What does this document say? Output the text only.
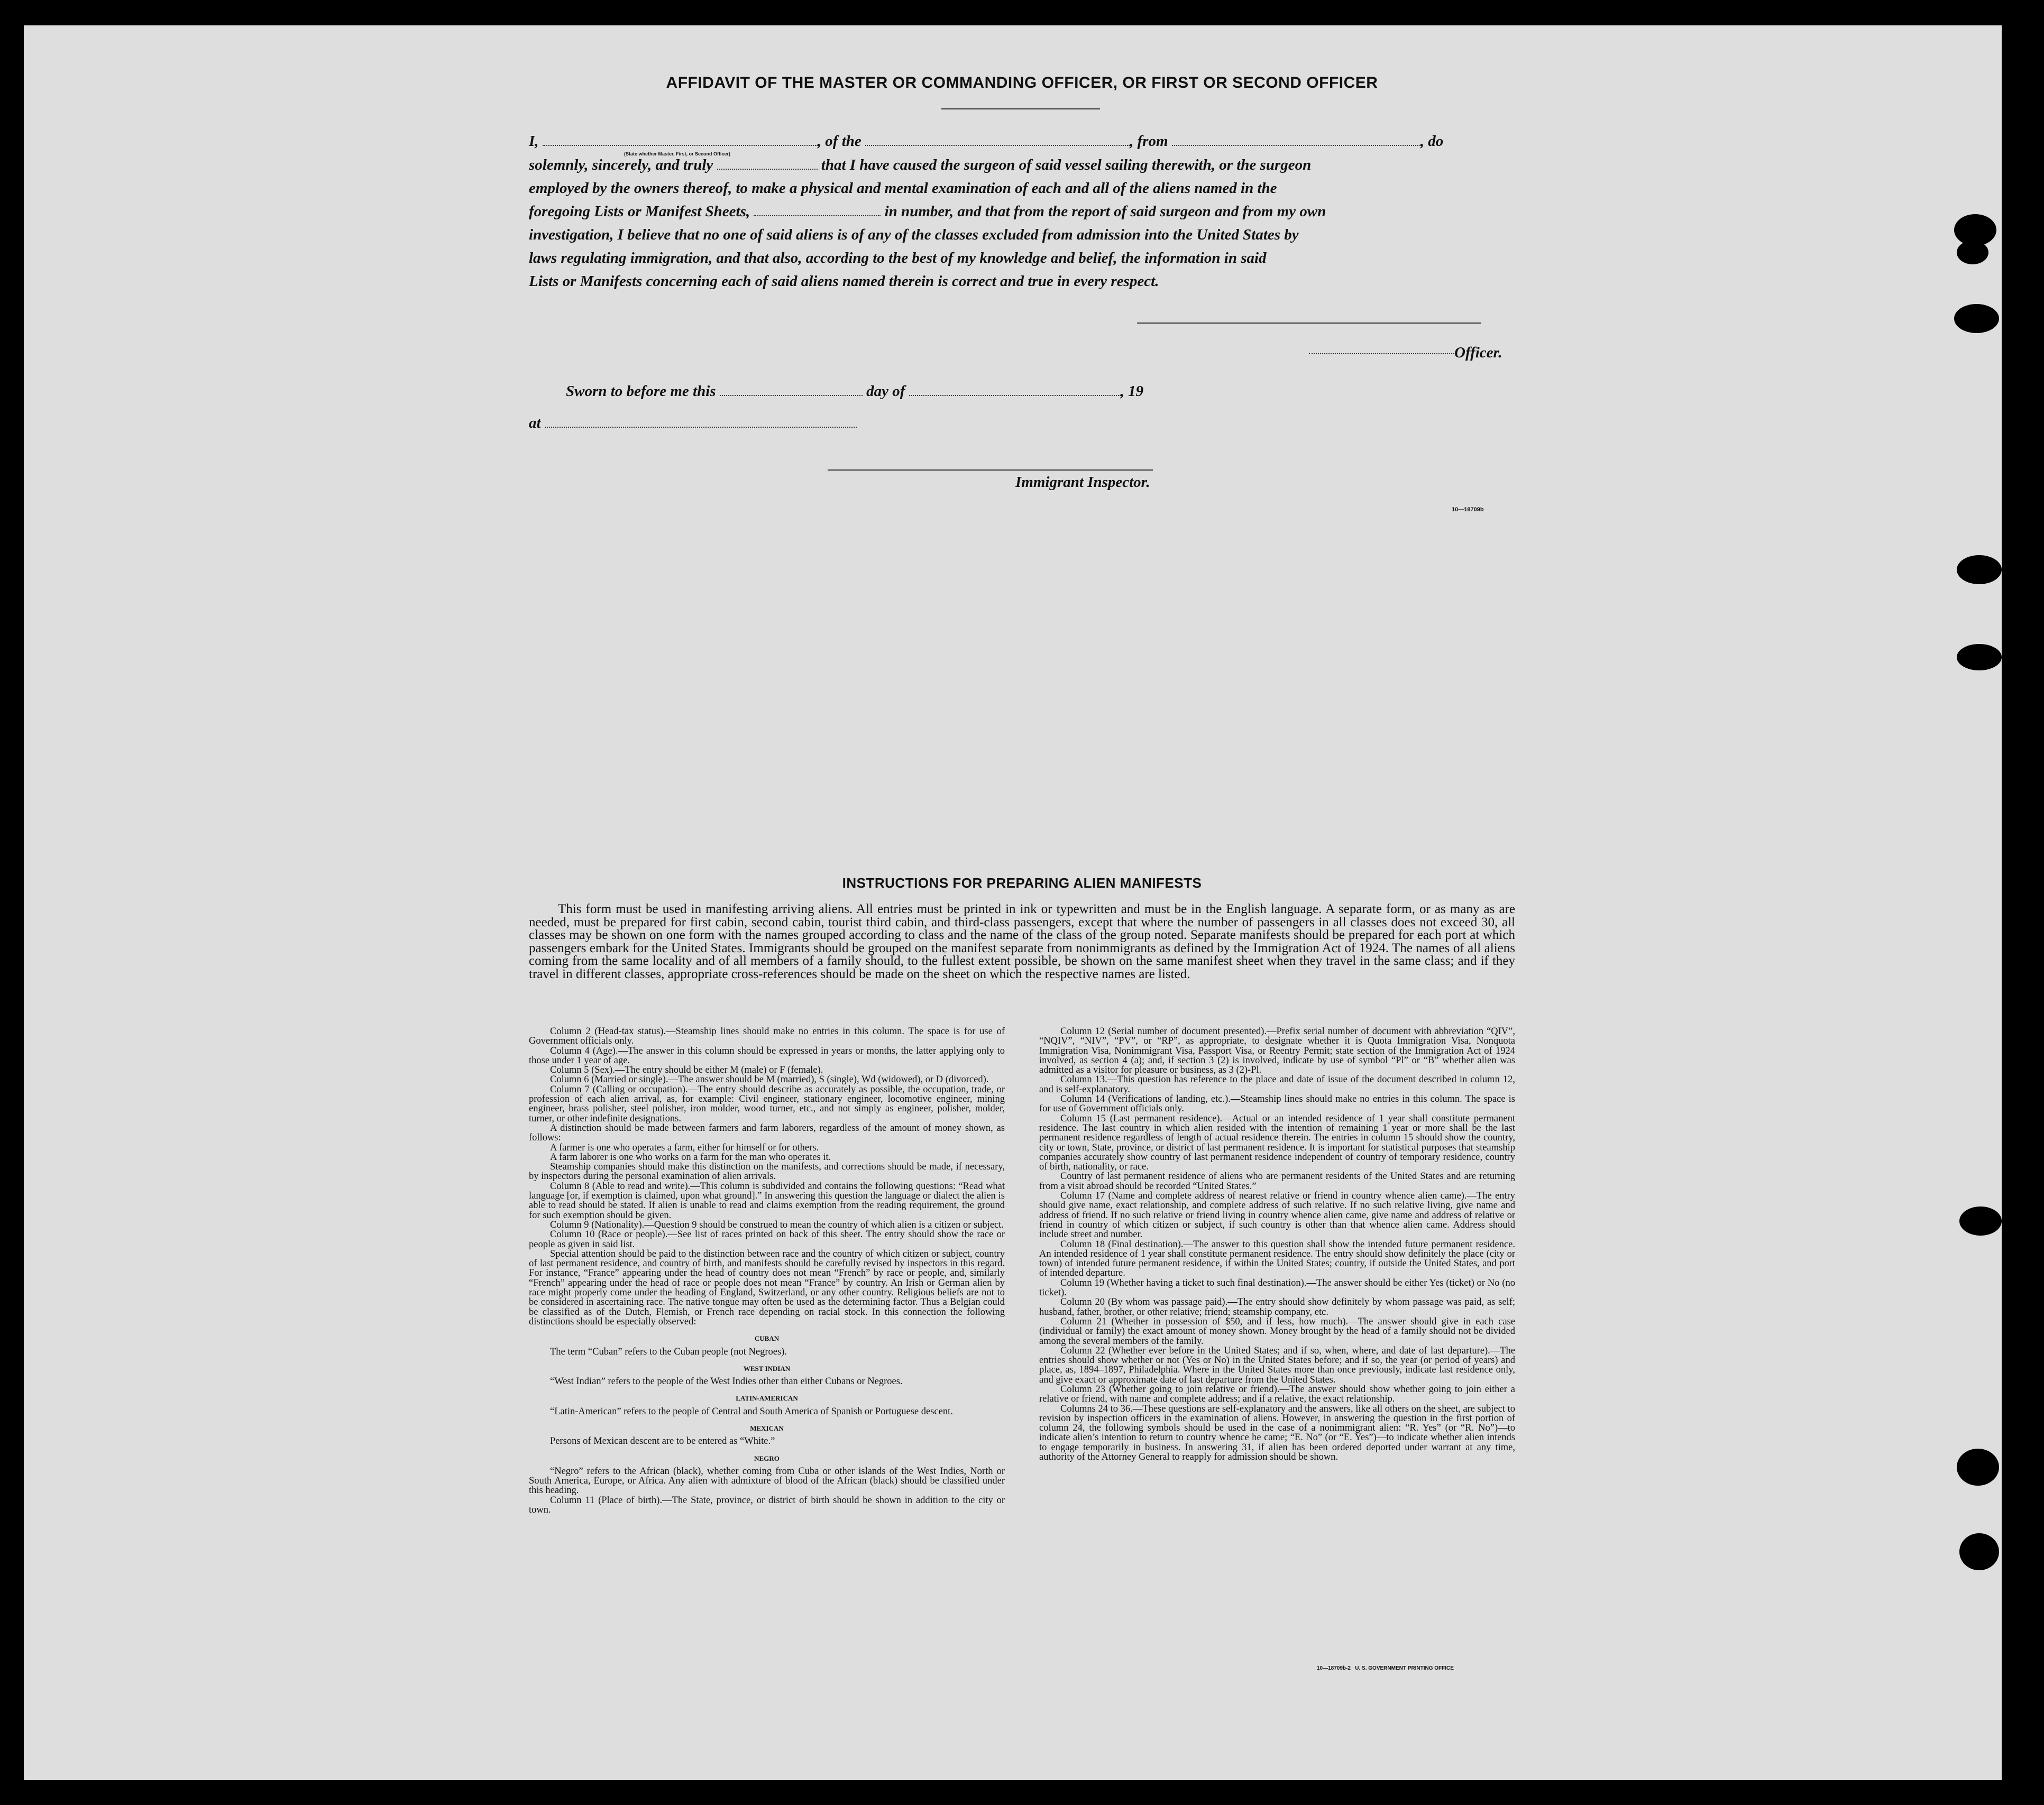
AFFIDAVIT OF THE MASTER OR COMMANDING OFFICER, OR FIRST OR SECOND OFFICER
I,	, of the	, from	, do
(State whether Master, First, or Second Officer)
solemnly, sincerely, and truly	that I have caused the surgeon of said vessel sailing therewith, or the surgeon
employed by the owners thereof, to make a physical and mental examination of each and all of the aliens named in the
foregoing Lists or Manifest Sheets,	in number, and that from the report of said surgeon and from my own
investigation, I believe that no one of said aliens is of any of the classes excluded from admission into the United States by
laws regulating immigration, and that also, according to the best of my knowledge and belief, the information in said
Lists or Manifests concerning each of said aliens named therein is correct and true in every respect.
Officer.
Sworn to before me this	day of	, 19
at
Immigrant Inspector.
10—18709b
INSTRUCTIONS FOR PREPARING ALIEN MANIFESTS
This form must be used in manifesting arriving aliens. All entries must be printed in ink or typewritten and must be in the English language. A separate form, or as many as are needed, must be prepared for first cabin, second cabin, tourist third cabin, and third-class passengers, except that where the number of passengers in all classes does not exceed 30, all classes may be shown on one form with the names grouped according to class and the name of the class of the group noted. Separate manifests should be prepared for each port at which passengers embark for the United States. Immigrants should be grouped on the manifest separate from nonimmigrants as defined by the Immigration Act of 1924. The names of all aliens coming from the same locality and of all members of a family should, to the fullest extent possible, be shown on the same manifest sheet when they travel in the same class; and if they travel in different classes, appropriate cross-references should be made on the sheet on which the respective names are listed.

Column 2 (Head-tax status).—Steamship lines should make no entries in this column. The space is for use of Government officials only.

Column 4 (Age).—The answer in this column should be expressed in years or months, the latter applying only to those under 1 year of age.

Column 5 (Sex).—The entry should be either M (male) or F (female).

Column 6 (Married or single).—The answer should be M (married), S (single), Wd (widowed), or D (divorced).

Column 7 (Calling or occupation).—The entry should describe as accurately as possible, the occupation, trade, or profession of each alien arrival, as, for example: Civil engineer, stationary engineer, locomotive engineer, mining engineer, brass polisher, steel polisher, iron molder, wood turner, etc., and not simply as engineer, polisher, molder, turner, or other indefinite designations.

A distinction should be made between farmers and farm laborers, regardless of the amount of money shown, as follows:

A farmer is one who operates a farm, either for himself or for others.

A farm laborer is one who works on a farm for the man who operates it.

Steamship companies should make this distinction on the manifests, and corrections should be made, if necessary, by inspectors during the personal examination of alien arrivals.

Column 8 (Able to read and write).—This column is subdivided and contains the following questions: “Read what language [or, if exemption is claimed, upon what ground].” In answering this question the language or dialect the alien is able to read should be stated. If alien is unable to read and claims exemption from the reading requirement, the ground for such exemption should be given.

Column 9 (Nationality).—Question 9 should be construed to mean the country of which alien is a citizen or subject.

Column 10 (Race or people).—See list of races printed on back of this sheet. The entry should show the race or people as given in said list.

Special attention should be paid to the distinction between race and the country of which citizen or subject, country of last permanent residence, and country of birth, and manifests should be carefully revised by inspectors in this regard. For instance, “France” appearing under the head of country does not mean “French” by race or people, and, similarly “French” appearing under the head of race or people does not mean “France” by country. An Irish or German alien by race might properly come under the heading of England, Switzerland, or any other country. Religious beliefs are not to be considered in ascertaining race. The native tongue may often be used as the determining factor. Thus a Belgian could be classified as of the Dutch, Flemish, or French race depending on racial stock. In this connection the following distinctions should be especially observed:

CUBAN

The term “Cuban” refers to the Cuban people (not Negroes).

WEST INDIAN

“West Indian” refers to the people of the West Indies other than either Cubans or Negroes.

LATIN-AMERICAN

“Latin-American” refers to the people of Central and South America of Spanish or Portuguese descent.

MEXICAN

Persons of Mexican descent are to be entered as “White.”

NEGRO

“Negro” refers to the African (black), whether coming from Cuba or other islands of the West Indies, North or South America, Europe, or Africa. Any alien with admixture of blood of the African (black) should be classified under this heading.

Column 11 (Place of birth).—The State, province, or district of birth should be shown in addition to the city or town.

Column 12 (Serial number of document presented).—Prefix serial number of document with abbreviation “QIV”, “NQIV”, “NIV”, “PV”, or “RP”, as appropriate, to designate whether it is Quota Immigration Visa, Nonquota Immigration Visa, Nonimmigrant Visa, Passport Visa, or Reentry Permit; state section of the Immigration Act of 1924 involved, as section 4 (a); and, if section 3 (2) is involved, indicate by use of symbol “Pl” or “B” whether alien was admitted as a visitor for pleasure or business, as 3 (2)-Pl.

Column 13.—This question has reference to the place and date of issue of the document described in column 12, and is self-explanatory.

Column 14 (Verifications of landing, etc.).—Steamship lines should make no entries in this column. The space is for use of Government officials only.

Column 15 (Last permanent residence).—Actual or an intended residence of 1 year shall constitute permanent residence. The last country in which alien resided with the intention of remaining 1 year or more shall be the last permanent residence regardless of length of actual residence therein. The entries in column 15 should show the country, city or town, State, province, or district of last permanent residence. It is important for statistical purposes that steamship companies accurately show country of last permanent residence independent of country of temporary residence, country of birth, nationality, or race.

Country of last permanent residence of aliens who are permanent residents of the United States and are returning from a visit abroad should be recorded “United States.”

Column 17 (Name and complete address of nearest relative or friend in country whence alien came).—The entry should give name, exact relationship, and complete address of such relative. If no such relative living, give name and address of friend. If no such relative or friend living in country whence alien came, give name and address of relative or friend in country of which citizen or subject, if such country is other than that whence alien came. Address should include street and number.

Column 18 (Final destination).—The answer to this question shall show the intended future permanent residence. An intended residence of 1 year shall constitute permanent residence. The entry should show definitely the place (city or town) of intended future permanent residence, if within the United States; country, if outside the United States, and port of intended departure.

Column 19 (Whether having a ticket to such final destination).—The answer should be either Yes (ticket) or No (no ticket).

Column 20 (By whom was passage paid).—The entry should show definitely by whom passage was paid, as self; husband, father, brother, or other relative; friend; steamship company, etc.

Column 21 (Whether in possession of $50, and if less, how much).—The answer should give in each case (individual or family) the exact amount of money shown. Money brought by the head of a family should not be divided among the several members of the family.

Column 22 (Whether ever before in the United States; and if so, when, where, and date of last departure).—The entries should show whether or not (Yes or No) in the United States before; and if so, the year (or period of years) and place, as, 1894–1897, Philadelphia. Where in the United States more than once previously, indicate last residence only, and give exact or approximate date of last departure from the United States.

Column 23 (Whether going to join relative or friend).—The answer should show whether going to join either a relative or friend, with name and complete address; and if a relative, the exact relationship.

Columns 24 to 36.—These questions are self-explanatory and the answers, like all others on the sheet, are subject to revision by inspection officers in the examination of aliens. However, in answering the question in the first portion of column 24, the following symbols should be used in the case of a nonimmigrant alien: “R. Yes” (or “R. No”)—to indicate alien’s intention to return to country whence he came; “E. No” (or “E. Yes”)—to indicate whether alien intends to engage temporarily in business. In answering 31, if alien has been ordered deported under warrant at any time, authority of the Attorney General to reapply for admission should be shown.

10—18709b-2   U. S. GOVERNMENT PRINTING OFFICE
